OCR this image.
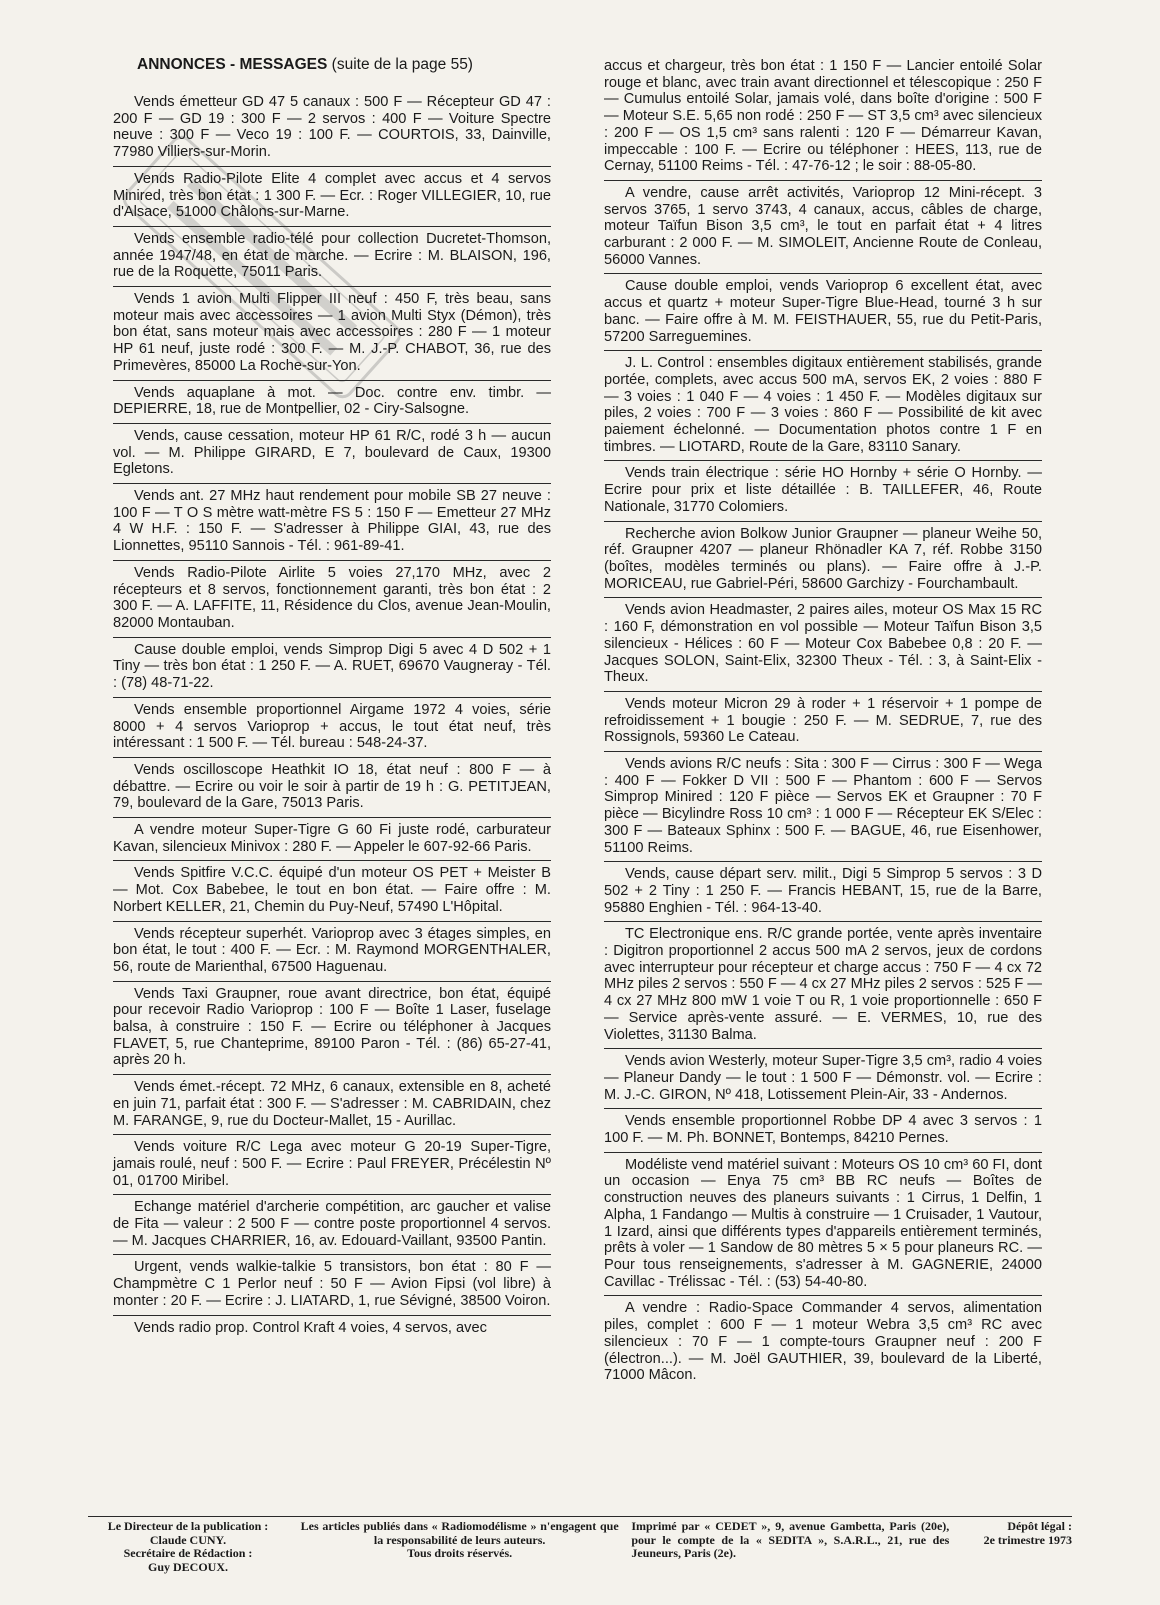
ANNONCES - MESSAGES (suite de la page 55)

Vends émetteur GD 47 5 canaux : 500 F — Récepteur GD 47 : 200 F — GD 19 : 300 F — 2 servos : 400 F — Voiture Spectre neuve : 300 F — Veco 19 : 100 F. — COURTOIS, 33, Dainville, 77980 Villiers-sur-Morin.

Vends Radio-Pilote Elite 4 complet avec accus et 4 servos Minired, très bon état : 1 300 F. — Ecr. : Roger VILLEGIER, 10, rue d'Alsace, 51000 Châlons-sur-Marne.

Vends ensemble radio-télé pour collection Ducretet-Thomson, année 1947/48, en état de marche. — Ecrire : M. BLAISON, 196, rue de la Roquette, 75011 Paris.

Vends 1 avion Multi Flipper III neuf : 450 F, très beau, sans moteur mais avec accessoires — 1 avion Multi Styx (Démon), très bon état, sans moteur mais avec accessoires : 280 F — 1 moteur HP 61 neuf, juste rodé : 300 F. — M. J.-P. CHABOT, 36, rue des Primevères, 85000 La Roche-sur-Yon.

Vends aquaplane à mot. — Doc. contre env. timbr. — DEPIERRE, 18, rue de Montpellier, 02 - Ciry-Salsogne.

Vends, cause cessation, moteur HP 61 R/C, rodé 3 h — aucun vol. — M. Philippe GIRARD, E 7, boulevard de Caux, 19300 Egletons.

Vends ant. 27 MHz haut rendement pour mobile SB 27 neuve : 100 F — T O S mètre watt-mètre FS 5 : 150 F — Emetteur 27 MHz 4 W H.F. : 150 F. — S'adresser à Philippe GIAI, 43, rue des Lionnettes, 95110 Sannois - Tél. : 961-89-41.

Vends Radio-Pilote Airlite 5 voies 27,170 MHz, avec 2 récepteurs et 8 servos, fonctionnement garanti, très bon état : 2 300 F. — A. LAFFITE, 11, Résidence du Clos, avenue Jean-Moulin, 82000 Montauban.

Cause double emploi, vends Simprop Digi 5 avec 4 D 502 + 1 Tiny — très bon état : 1 250 F. — A. RUET, 69670 Vaugneray - Tél. : (78) 48-71-22.

Vends ensemble proportionnel Airgame 1972 4 voies, série 8000 + 4 servos Varioprop + accus, le tout état neuf, très intéressant : 1 500 F. — Tél. bureau : 548-24-37.

Vends oscilloscope Heathkit IO 18, état neuf : 800 F — à débattre. — Ecrire ou voir le soir à partir de 19 h : G. PETITJEAN, 79, boulevard de la Gare, 75013 Paris.

A vendre moteur Super-Tigre G 60 Fi juste rodé, carburateur Kavan, silencieux Minivox : 280 F. — Appeler le 607-92-66 Paris.

Vends Spitfire V.C.C. équipé d'un moteur OS PET + Meister B — Mot. Cox Babebee, le tout en bon état. — Faire offre : M. Norbert KELLER, 21, Chemin du Puy-Neuf, 57490 L'Hôpital.

Vends récepteur superhét. Varioprop avec 3 étages simples, en bon état, le tout : 400 F. — Ecr. : M. Raymond MORGENTHALER, 56, route de Marienthal, 67500 Haguenau.

Vends Taxi Graupner, roue avant directrice, bon état, équipé pour recevoir Radio Varioprop : 100 F — Boîte 1 Laser, fuselage balsa, à construire : 150 F. — Ecrire ou téléphoner à Jacques FLAVET, 5, rue Chanteprime, 89100 Paron - Tél. : (86) 65-27-41, après 20 h.

Vends émet.-récept. 72 MHz, 6 canaux, extensible en 8, acheté en juin 71, parfait état : 300 F. — S'adresser : M. CABRIDAIN, chez M. FARANGE, 9, rue du Docteur-Mallet, 15 - Aurillac.

Vends voiture R/C Lega avec moteur G 20-19 Super-Tigre, jamais roulé, neuf : 500 F. — Ecrire : Paul FREYER, Précélestin Nº 01, 01700 Miribel.

Echange matériel d'archerie compétition, arc gaucher et valise de Fita — valeur : 2 500 F — contre poste proportionnel 4 servos. — M. Jacques CHARRIER, 16, av. Edouard-Vaillant, 93500 Pantin.

Urgent, vends walkie-talkie 5 transistors, bon état : 80 F — Champmètre C 1 Perlor neuf : 50 F — Avion Fipsi (vol libre) à monter : 20 F. — Ecrire : J. LIATARD, 1, rue Sévigné, 38500 Voiron.

Vends radio prop. Control Kraft 4 voies, 4 servos, avec

accus et chargeur, très bon état : 1 150 F — Lancier entoilé Solar rouge et blanc, avec train avant directionnel et télescopique : 250 F — Cumulus entoilé Solar, jamais volé, dans boîte d'origine : 500 F — Moteur S.E. 5,65 non rodé : 250 F — ST 3,5 cm³ avec silencieux : 200 F — OS 1,5 cm³ sans ralenti : 120 F — Démarreur Kavan, impeccable : 100 F. — Ecrire ou téléphoner : HEES, 113, rue de Cernay, 51100 Reims - Tél. : 47-76-12 ; le soir : 88-05-80.

A vendre, cause arrêt activités, Varioprop 12 Mini-récept. 3 servos 3765, 1 servo 3743, 4 canaux, accus, câbles de charge, moteur Taïfun Bison 3,5 cm³, le tout en parfait état + 4 litres carburant : 2 000 F. — M. SIMOLEIT, Ancienne Route de Conleau, 56000 Vannes.

Cause double emploi, vends Varioprop 6 excellent état, avec accus et quartz + moteur Super-Tigre Blue-Head, tourné 3 h sur banc. — Faire offre à M. M. FEISTHAUER, 55, rue du Petit-Paris, 57200 Sarreguemines.

J. L. Control : ensembles digitaux entièrement stabilisés, grande portée, complets, avec accus 500 mA, servos EK, 2 voies : 880 F — 3 voies : 1 040 F — 4 voies : 1 450 F. — Modèles digitaux sur piles, 2 voies : 700 F — 3 voies : 860 F — Possibilité de kit avec paiement échelonné. — Documentation photos contre 1 F en timbres. — LIOTARD, Route de la Gare, 83110 Sanary.

Vends train électrique : série HO Hornby + série O Hornby. — Ecrire pour prix et liste détaillée : B. TAILLEFER, 46, Route Nationale, 31770 Colomiers.

Recherche avion Bolkow Junior Graupner — planeur Weihe 50, réf. Graupner 4207 — planeur Rhönadler KA 7, réf. Robbe 3150 (boîtes, modèles terminés ou plans). — Faire offre à J.-P. MORICEAU, rue Gabriel-Péri, 58600 Garchizy - Fourchambault.

Vends avion Headmaster, 2 paires ailes, moteur OS Max 15 RC : 160 F, démonstration en vol possible — Moteur Taïfun Bison 3,5 silencieux - Hélices : 60 F — Moteur Cox Babebee 0,8 : 20 F. — Jacques SOLON, Saint-Elix, 32300 Theux - Tél. : 3, à Saint-Elix - Theux.

Vends moteur Micron 29 à roder + 1 réservoir + 1 pompe de refroidissement + 1 bougie : 250 F. — M. SEDRUE, 7, rue des Rossignols, 59360 Le Cateau.

Vends avions R/C neufs : Sita : 300 F — Cirrus : 300 F — Wega : 400 F — Fokker D VII : 500 F — Phantom : 600 F — Servos Simprop Minired : 120 F pièce — Servos EK et Graupner : 70 F pièce — Bicylindre Ross 10 cm³ : 1 000 F — Récepteur EK S/Elec : 300 F — Bateaux Sphinx : 500 F. — BAGUE, 46, rue Eisenhower, 51100 Reims.

Vends, cause départ serv. milit., Digi 5 Simprop 5 servos : 3 D 502 + 2 Tiny : 1 250 F. — Francis HEBANT, 15, rue de la Barre, 95880 Enghien - Tél. : 964-13-40.

TC Electronique ens. R/C grande portée, vente après inventaire : Digitron proportionnel 2 accus 500 mA 2 servos, jeux de cordons avec interrupteur pour récepteur et charge accus : 750 F — 4 cx 72 MHz piles 2 servos : 550 F — 4 cx 27 MHz piles 2 servos : 525 F — 4 cx 27 MHz 800 mW 1 voie T ou R, 1 voie proportionnelle : 650 F — Service après-vente assuré. — E. VERMES, 10, rue des Violettes, 31130 Balma.

Vends avion Westerly, moteur Super-Tigre 3,5 cm³, radio 4 voies — Planeur Dandy — le tout : 1 500 F — Démonstr. vol. — Ecrire : M. J.-C. GIRON, Nº 418, Lotissement Plein-Air, 33 - Andernos.

Vends ensemble proportionnel Robbe DP 4 avec 3 servos : 1 100 F. — M. Ph. BONNET, Bontemps, 84210 Pernes.

Modéliste vend matériel suivant : Moteurs OS 10 cm³ 60 FI, dont un occasion — Enya 75 cm³ BB RC neufs — Boîtes de construction neuves des planeurs suivants : 1 Cirrus, 1 Delfin, 1 Alpha, 1 Fandango — Multis à construire — 1 Cruisader, 1 Vautour, 1 Izard, ainsi que différents types d'appareils entièrement terminés, prêts à voler — 1 Sandow de 80 mètres 5 × 5 pour planeurs RC. — Pour tous renseignements, s'adresser à M. GAGNERIE, 24000 Cavillac - Trélissac - Tél. : (53) 54-40-80.

A vendre : Radio-Space Commander 4 servos, alimentation piles, complet : 600 F — 1 moteur Webra 3,5 cm³ RC avec silencieux : 70 F — 1 compte-tours Graupner neuf : 200 F (électron...). — M. Joël GAUTHIER, 39, boulevard de la Liberté, 71000 Mâcon.

Le Directeur de la publication :
Claude CUNY.
Secrétaire de Rédaction :
Guy DECOUX.
Les articles publiés dans « Radiomodélisme » n'engagent que la responsabilité de leurs auteurs.
Tous droits réservés.
Imprimé par « CEDET », 9, avenue Gambetta, Paris (20e), pour le compte de la « SEDITA », S.A.R.L., 21, rue des Jeuneurs, Paris (2e).
Dépôt légal :
2e trimestre 1973
